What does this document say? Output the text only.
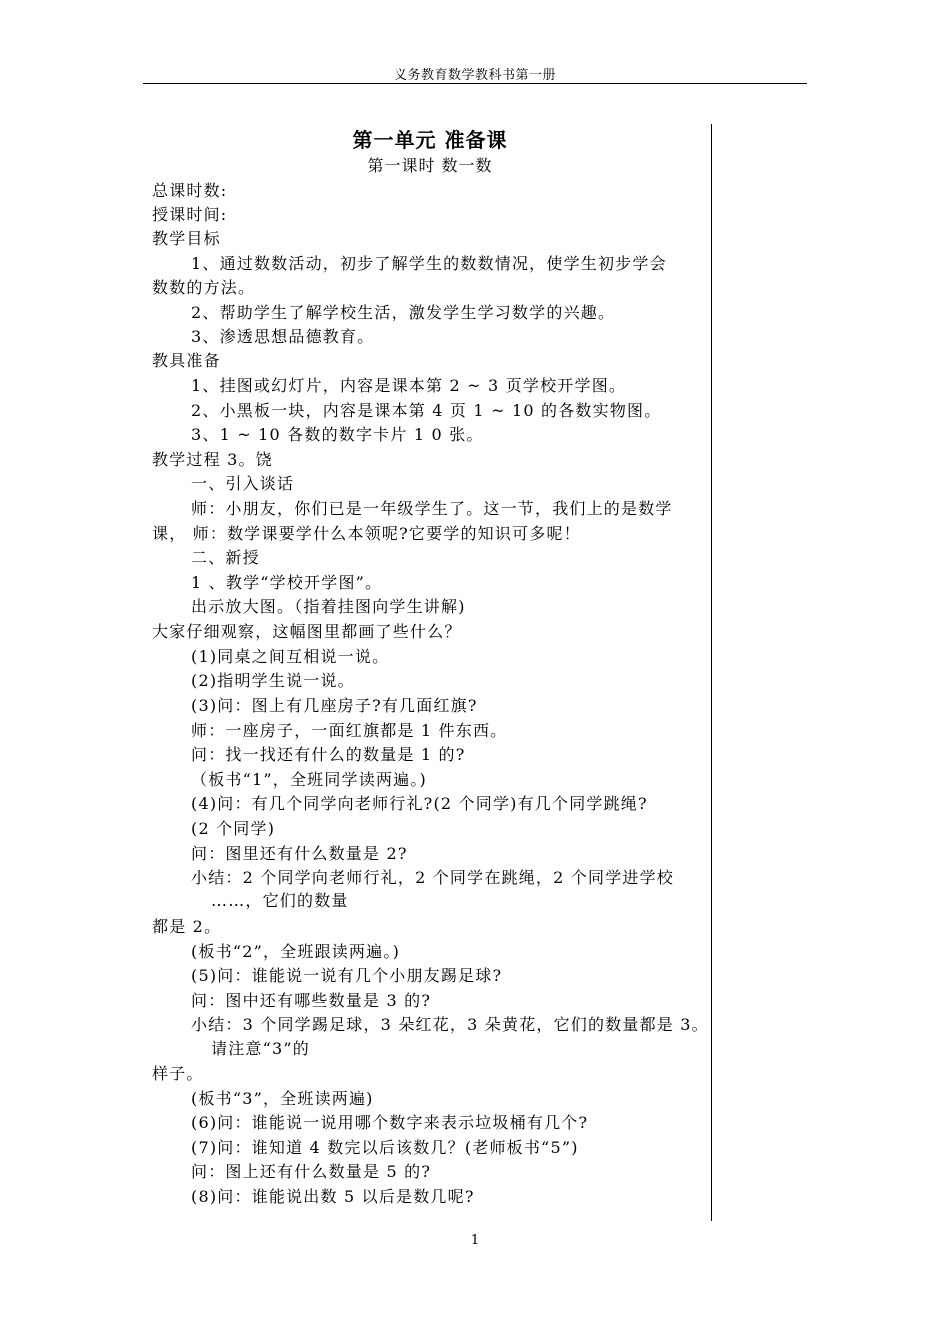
义务教育数学教科书第一册
第一单元 准备课
第一课时 数一数
总课时数:
授课时间:
教学目标
1、通过数数活动，初步了解学生的数数情况，使学生初步学会
数数的方法。
2、帮助学生了解学校生活，激发学生学习数学的兴趣。
3、渗透思想品德教育。
教具准备
1、挂图或幻灯片，内容是课本第 2 ~ 3 页学校开学图。
2、小黑板一块，内容是课本第 4 页 1 ~ 10 的各数实物图。
3、1 ~ 10 各数的数字卡片 1 0 张。
教学过程 3。饶
一、引入谈话
师：小朋友，你们已是一年级学生了。这一节，我们上的是数学
课， 师：数学课要学什么本领呢?它要学的知识可多呢！
二、新授
1 、教学“学校开学图”。
出示放大图。（指着挂图向学生讲解)
大家仔细观察，这幅图里都画了些什么？
(1)同桌之间互相说一说。
(2)指明学生说一说。
(3)问：图上有几座房子?有几面红旗?
师：一座房子，一面红旗都是 1 件东西。
问：找一找还有什么的数量是 1 的?
（板书“1”，全班同学读两遍。)
(4)问：有几个同学向老师行礼?(2 个同学)有几个同学跳绳?
(2 个同学)
问：图里还有什么数量是 2?
小结：2 个同学向老师行礼，2 个同学在跳绳，2 个同学进学校
……，它们的数量
都是 2。
(板书“2”，全班跟读两遍。)
(5)问：谁能说一说有几个小朋友踢足球?
问：图中还有哪些数量是 3 的?
小结：3 个同学踢足球，3 朵红花，3 朵黄花，它们的数量都是 3。
请注意“3”的
样子。
(板书“3”，全班读两遍)
(6)问：谁能说一说用哪个数字来表示垃圾桶有几个?
(7)问：谁知道 4 数完以后该数几？(老师板书“5”)
问：图上还有什么数量是 5 的?
(8)问：谁能说出数 5 以后是数几呢?
1
